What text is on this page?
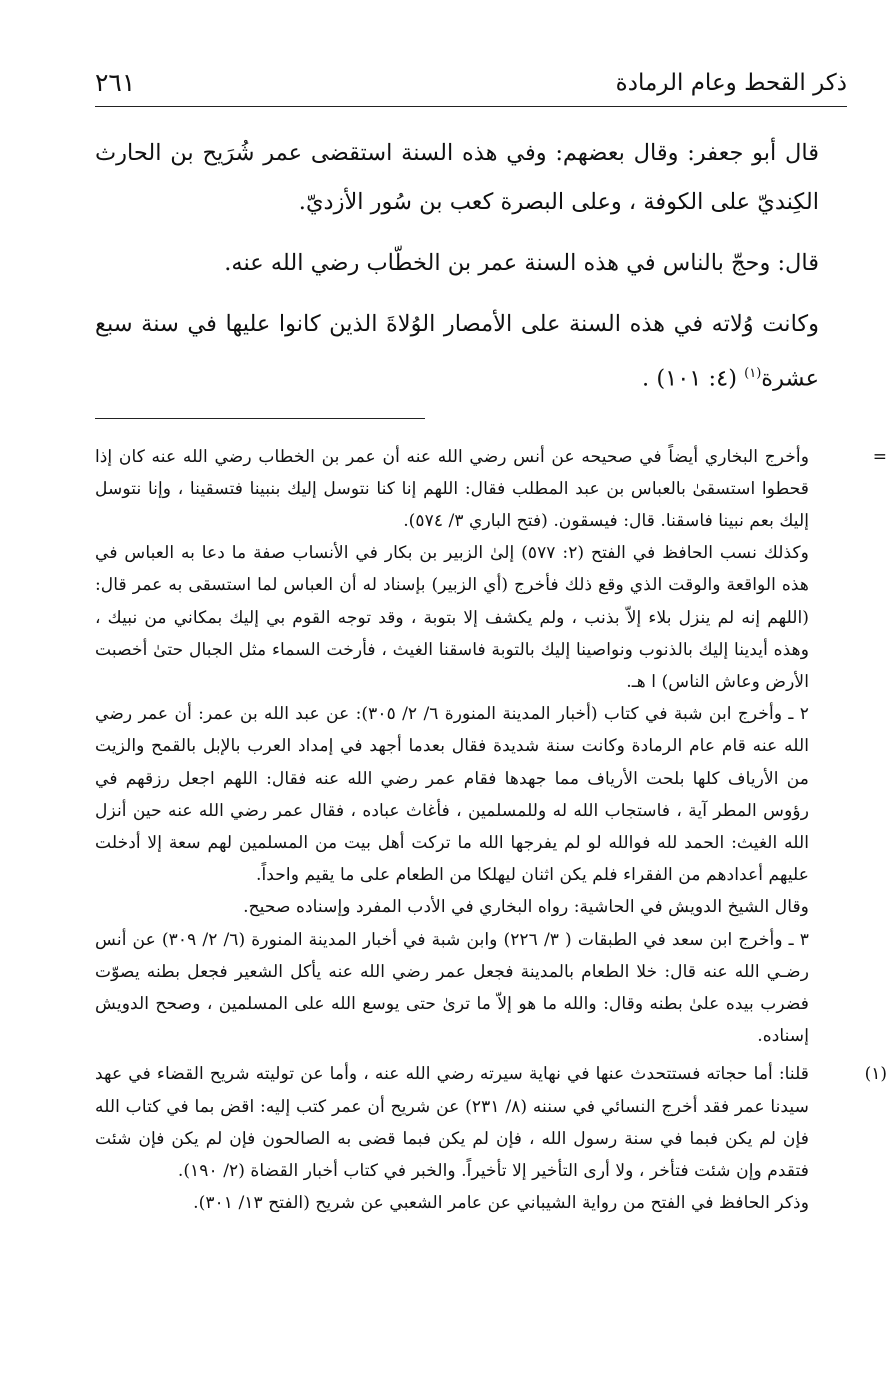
ذكر القحط وعام الرمادة
٢٦١

قال أبو جعفر: وقال بعضهم: وفي هذه السنة استقضى عمر شُرَيح بن الحارث الكِنديّ على الكوفة ، وعلى البصرة كعب بن سُور الأزديّ.

قال: وحجّ بالناس في هذه السنة عمر بن الخطّاب رضي الله عنه.

وكانت وُلاته في هذه السنة على الأمصار الوُلاةَ الذين كانوا عليها في سنة سبع عشرة$^{(١)}$ (٤: ١٠١) .

=

وأخرج البخاري أيضاً في صحيحه عن أنس رضي الله عنه أن عمر بن الخطاب رضي الله عنه كان إذا قحطوا استسقىٰ بالعباس بن عبد المطلب فقال: اللهم إنا كنا نتوسل إليك بنبينا فتسقينا ، وإنا نتوسل إليك بعم نبينا فاسقنا. قال: فيسقون. (فتح الباري ٣/ ٥٧٤).

وكذلك نسب الحافظ في الفتح (٢: ٥٧٧) إلىٰ الزبير بن بكار في الأنساب صفة ما دعا به العباس في هذه الواقعة والوقت الذي وقع ذلك فأخرج (أي الزبير) بإسناد له أن العباس لما استسقى به عمر قال: (اللهم إنه لم ينزل بلاء إلاّ بذنب ، ولم يكشف إلا بتوبة ، وقد توجه القوم بي إليك بمكاني من نبيك ، وهذه أيدينا إليك بالذنوب ونواصينا إليك بالتوبة فاسقنا الغيث ، فأرخت السماء مثل الجبال حتىٰ أخصبت الأرض وعاش الناس) ا هـ.

٢ ـ وأخرج ابن شبة في كتاب (أخبار المدينة المنورة ٦/ ٢/ ٣٠٥): عن عبد الله بن عمر: أن عمر رضي الله عنه قام عام الرمادة وكانت سنة شديدة فقال بعدما أجهد في إمداد العرب بالإبل بالقمح والزيت من الأرياف كلها بلحت الأرياف مما جهدها فقام عمر رضي الله عنه فقال: اللهم اجعل رزقهم في رؤوس المطر آية ، فاستجاب الله له وللمسلمين ، فأغاث عباده ، فقال عمر رضي الله عنه حين أنزل الله الغيث: الحمد لله فوالله لو لم يفرجها الله ما تركت أهل بيت من المسلمين لهم سعة إلا أدخلت عليهم أعدادهم من الفقراء فلم يكن اثنان ليهلكا من الطعام على ما يقيم واحداً.

وقال الشيخ الدويش في الحاشية: رواه البخاري في الأدب المفرد وإسناده صحيح.

٣ ـ وأخرج ابن سعد في الطبقات ( ٣/ ٢٢٦) وابن شبة في أخبار المدينة المنورة (٦/ ٢/ ٣٠٩) عن أنس رضـي الله عنه قال: خلا الطعام بالمدينة فجعل عمر رضي الله عنه يأكل الشعير فجعل بطنه يصوّت فضرب بيده علىٰ بطنه وقال: والله ما هو إلاّ ما ترىٰ حتى يوسع الله على المسلمين ، وصحح الدويش إسناده.

(١)

قلنا: أما حجاته فستتحدث عنها في نهاية سيرته رضي الله عنه ، وأما عن توليته شريح القضاء في عهد سيدنا عمر فقد أخرج النسائي في سننه (٨/ ٢٣١) عن شريح أن عمر كتب إليه: اقض بما في كتاب الله فإن لم يكن فبما في سنة رسول الله ، فإن لم يكن فبما قضى به الصالحون فإن لم يكن فإن شئت فتقدم وإن شئت فتأخر ، ولا أرى التأخير إلا تأخيراً. والخبر في كتاب أخبار القضاة (٢/ ١٩٠).

وذكر الحافظ في الفتح من رواية الشيباني عن عامر الشعبي عن شريح (الفتح ١٣/ ٣٠١).
